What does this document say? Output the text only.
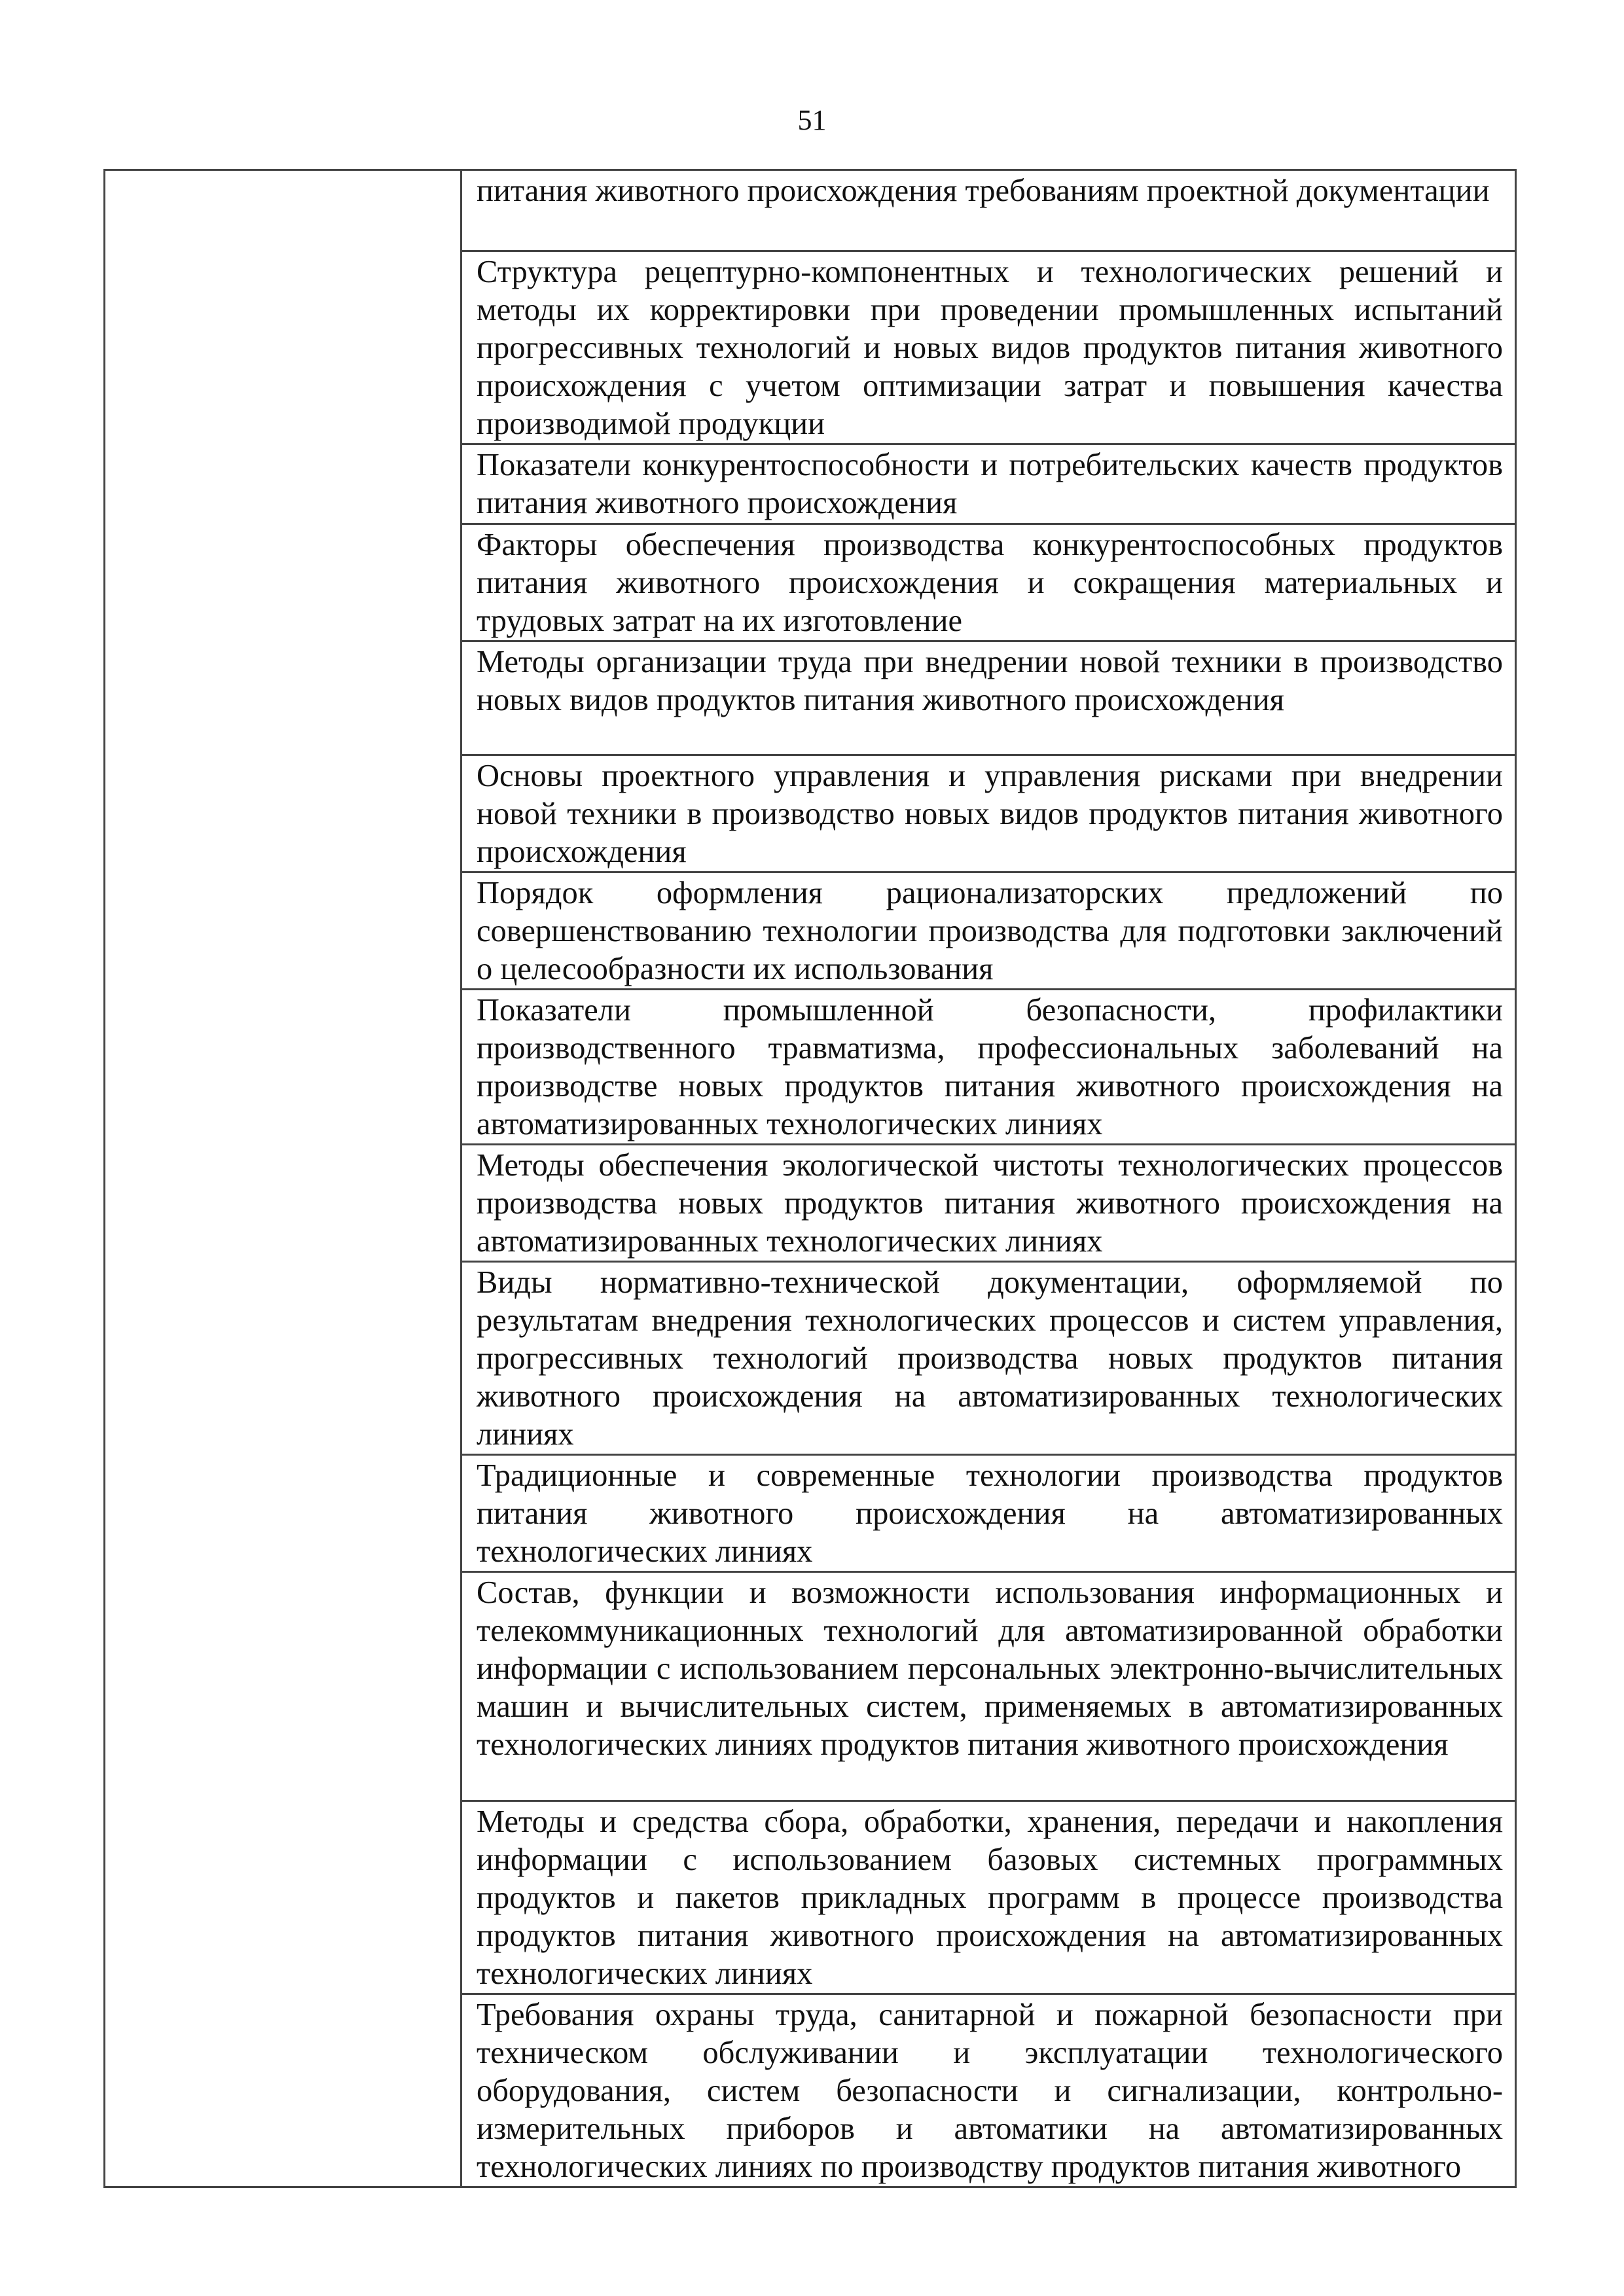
51
	питания животного происхождения требованиям проектной документации
Структура рецептурно-компонентных и технологических решений и методы их корректировки при проведении промышленных испытаний прогрессивных технологий и новых видов продуктов питания животного происхождения с учетом оптимизации затрат и повышения качества производимой продукции
Показатели конкурентоспособности и потребительских качеств продуктов питания животного происхождения
Факторы обеспечения производства конкурентоспособных продуктов питания животного происхождения и сокращения материальных и трудовых затрат на их изготовление
Методы организации труда при внедрении новой техники в производство новых видов продуктов питания животного происхождения
Основы проектного управления и управления рисками при внедрении новой техники в производство новых видов продуктов питания животного происхождения
Порядок оформления рационализаторских предложений по совершенствованию технологии производства для подготовки заключений о целесообразности их использования
Показатели промышленной безопасности, профилактики производственного травматизма, профессиональных заболеваний на производстве новых продуктов питания животного происхождения на автоматизированных технологических линиях
Методы обеспечения экологической чистоты технологических процессов производства новых продуктов питания животного происхождения на автоматизированных технологических линиях
Виды нормативно-технической документации, оформляемой по результатам внедрения технологических процессов и систем управления, прогрессивных технологий производства новых продуктов питания животного происхождения на автоматизированных технологических линиях
Традиционные и современные технологии производства продуктов питания животного происхождения на автоматизированных технологических линиях
Состав, функции и возможности использования информационных и телекоммуникационных технологий для автоматизированной обработки информации с использованием персональных электронно-вычислительных машин и вычислительных систем, применяемых в автоматизированных технологических линиях продуктов питания животного происхождения
Методы и средства сбора, обработки, хранения, передачи и накопления информации с использованием базовых системных программных продуктов и пакетов прикладных программ в процессе производства продуктов питания животного происхождения на автоматизированных технологических линиях
Требования охраны труда, санитарной и пожарной безопасности при техническом обслуживании и эксплуатации технологического оборудования, систем безопасности и сигнализации, контрольно-измерительных приборов и автоматики на автоматизированных технологических линиях по производству продуктов питания животного
